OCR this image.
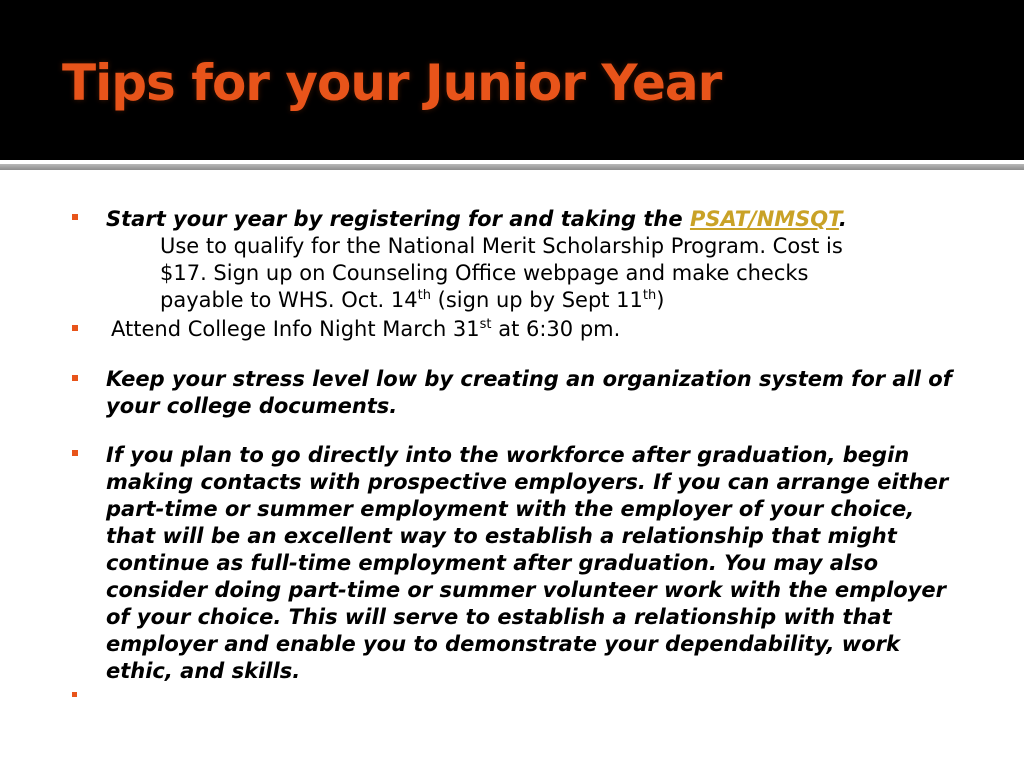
Tips for your Junior Year
Start your year by registering for and taking the PSAT/NMSQT.
Use to qualify for the National Merit Scholarship Program. Cost is
$17. Sign up on Counseling Office webpage and make checks
payable to WHS. Oct. 14th (sign up by Sept 11th)
Attend College Info Night March 31st at 6:30 pm.
Keep your stress level low by creating an organization system for all of
your college documents.
If you plan to go directly into the workforce after graduation, begin
making contacts with prospective employers. If you can arrange either
part-time or summer employment with the employer of your choice,
that will be an excellent way to establish a relationship that might
continue as full-time employment after graduation. You may also
consider doing part-time or summer volunteer work with the employer
of your choice. This will serve to establish a relationship with that
employer and enable you to demonstrate your dependability, work
ethic, and skills.
